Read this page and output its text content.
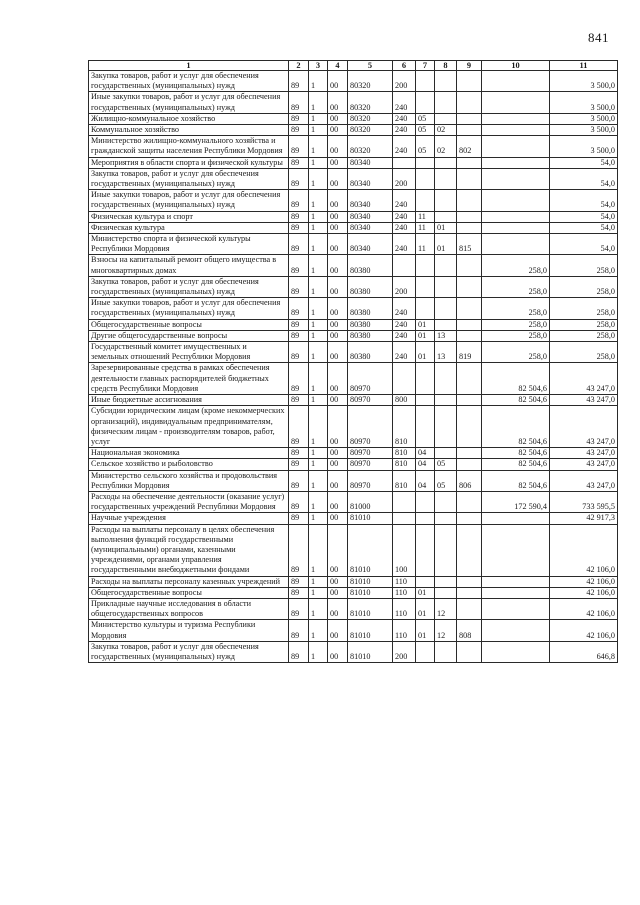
841
1	2	3	4	5	6	7	8	9	10	11
Закупка товаров, работ и услуг для обеспечения государственных (муниципальных) нужд	89	1	00	80320	200					3 500,0
Иные закупки товаров, работ и услуг для обеспечения государственных (муниципальных) нужд	89	1	00	80320	240					3 500,0
Жилищно-коммунальное хозяйство	89	1	00	80320	240	05				3 500,0
Коммунальное хозяйство	89	1	00	80320	240	05	02			3 500,0
Министерство жилищно-коммунального хозяйства и гражданской защиты населения Республики Мордовия	89	1	00	80320	240	05	02	802		3 500,0
Мероприятия в области спорта и физической культуры	89	1	00	80340						54,0
Закупка товаров, работ и услуг для обеспечения государственных (муниципальных) нужд	89	1	00	80340	200					54,0
Иные закупки товаров, работ и услуг для обеспечения государственных (муниципальных) нужд	89	1	00	80340	240					54,0
Физическая культура и спорт	89	1	00	80340	240	11				54,0
Физическая культура	89	1	00	80340	240	11	01			54,0
Министерство спорта и физической культуры Республики Мордовия	89	1	00	80340	240	11	01	815		54,0
Взносы на капитальный ремонт общего имущества в многоквартирных домах	89	1	00	80380					258,0	258,0
Закупка товаров, работ и услуг для обеспечения государственных (муниципальных) нужд	89	1	00	80380	200				258,0	258,0
Иные закупки товаров, работ и услуг для обеспечения государственных (муниципальных) нужд	89	1	00	80380	240				258,0	258,0
Общегосударственные вопросы	89	1	00	80380	240	01			258,0	258,0
Другие общегосударственные вопросы	89	1	00	80380	240	01	13		258,0	258,0
Государственный комитет имущественных и земельных отношений Республики Мордовия	89	1	00	80380	240	01	13	819	258,0	258,0
Зарезервированные средства в рамках обеспечения деятельности главных распорядителей бюджетных средств Республики Мордовия	89	1	00	80970					82 504,6	43 247,0
Иные бюджетные ассигнования	89	1	00	80970	800				82 504,6	43 247,0
Субсидии юридическим лицам (кроме некоммерческих организаций), индивидуальным предпринимателям, физическим лицам - производителям товаров, работ, услуг	89	1	00	80970	810				82 504,6	43 247,0
Национальная экономика	89	1	00	80970	810	04			82 504,6	43 247,0
Сельское хозяйство и рыболовство	89	1	00	80970	810	04	05		82 504,6	43 247,0
Министерство сельского хозяйства и продовольствия Республики Мордовия	89	1	00	80970	810	04	05	806	82 504,6	43 247,0
Расходы на обеспечение деятельности (оказание услуг) государственных учреждений Республики Мордовия	89	1	00	81000					172 590,4	733 595,5
Научные учреждения	89	1	00	81010						42 917,3
Расходы на выплаты персоналу в целях обеспечения выполнения функций государственными (муниципальными) органами, казенными учреждениями, органами управления государственными внебюджетными фондами	89	1	00	81010	100					42 106,0
Расходы на выплаты персоналу казенных учреждений	89	1	00	81010	110					42 106,0
Общегосударственные вопросы	89	1	00	81010	110	01				42 106,0
Прикладные научные исследования в области общегосударственных вопросов	89	1	00	81010	110	01	12			42 106,0
Министерство культуры и туризма Республики Мордовия	89	1	00	81010	110	01	12	808		42 106,0
Закупка товаров, работ и услуг для обеспечения государственных (муниципальных) нужд	89	1	00	81010	200					646,8
